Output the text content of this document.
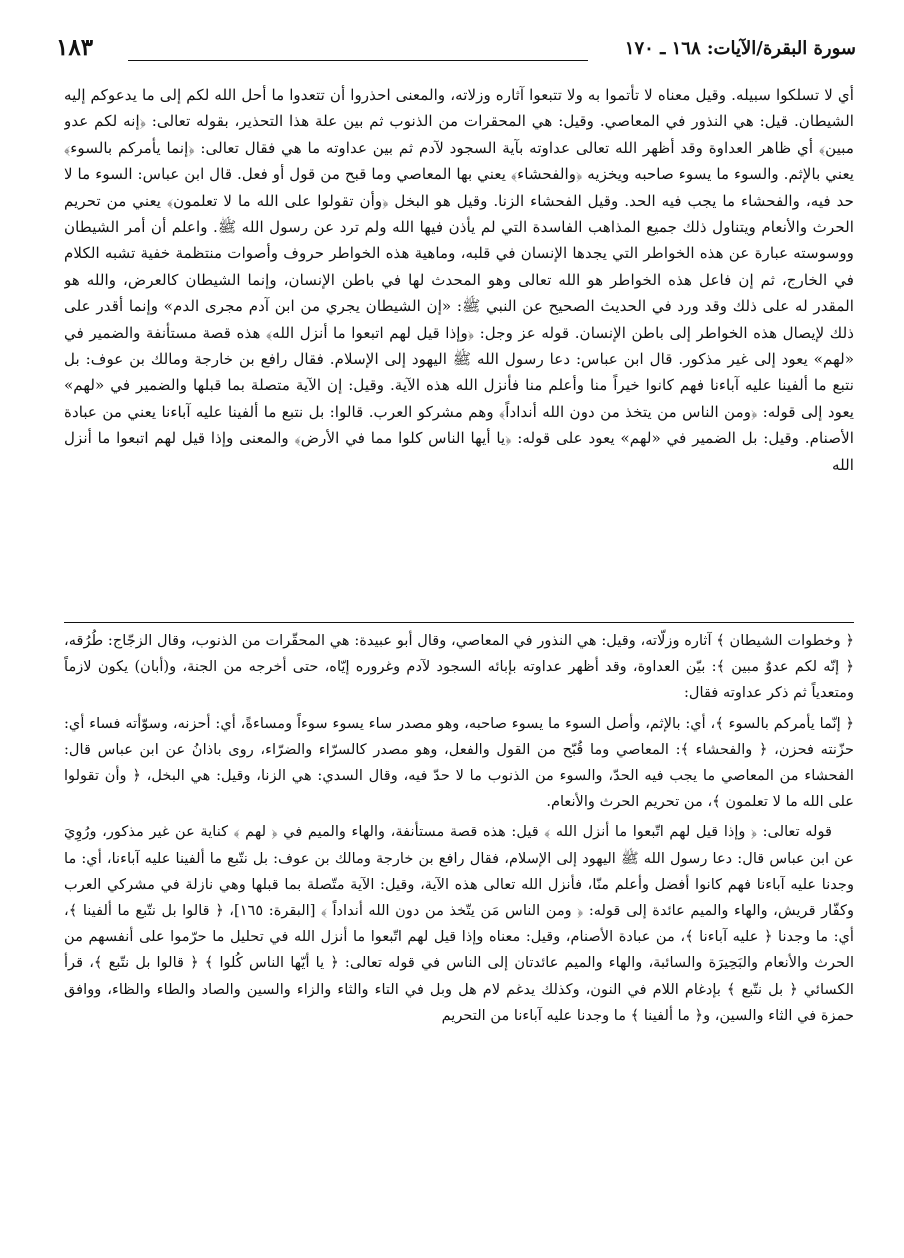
سورة البقرة/الآيات: ١٦٨ ـ ١٧٠
١٨٣

أي لا تسلكوا سبيله. وقيل معناه لا تأتموا به ولا تتبعوا آثاره وزلاته، والمعنى احذروا أن تتعدوا ما أحل الله لكم إلى ما يدعوكم إليه الشيطان. قيل: هي النذور في المعاصي. وقيل: هي المحقرات من الذنوب ثم بين علة هذا التحذير، بقوله تعالى: ﴿إنه لكم عدو مبين﴾ أي ظاهر العداوة وقد أظهر الله تعالى عداوته بآية السجود لآدم ثم بين عداوته ما هي فقال تعالى: ﴿إنما يأمركم بالسوء﴾ يعني بالإثم. والسوء ما يسوء صاحبه ويخزيه ﴿والفحشاء﴾ يعني بها المعاصي وما قبح من قول أو فعل. قال ابن عباس: السوء ما لا حد فيه، والفحشاء ما يجب فيه الحد. وقيل الفحشاء الزنا. وقيل هو البخل ﴿وأن تقولوا على الله ما لا تعلمون﴾ يعني من تحريم الحرث والأنعام ويتناول ذلك جميع المذاهب الفاسدة التي لم يأذن فيها الله ولم ترد عن رسول الله ﷺ. واعلم أن أمر الشيطان ووسوسته عبارة عن هذه الخواطر التي يجدها الإنسان في قلبه، وماهية هذه الخواطر حروف وأصوات منتظمة خفية تشبه الكلام في الخارج، ثم إن فاعل هذه الخواطر هو الله تعالى وهو المحدث لها في باطن الإنسان، وإنما الشيطان كالعرض، والله هو المقدر له على ذلك وقد ورد في الحديث الصحيح عن النبي ﷺ: «إن الشيطان يجري من ابن آدم مجرى الدم» وإنما أقدر على ذلك لإيصال هذه الخواطر إلى باطن الإنسان. قوله عز وجل: ﴿وإذا قيل لهم اتبعوا ما أنزل الله﴾ هذه قصة مستأنفة والضمير في «لهم» يعود إلى غير مذكور. قال ابن عباس: دعا رسول الله ﷺ اليهود إلى الإسلام. فقال رافع بن خارجة ومالك بن عوف: بل نتبع ما ألفينا عليه آباءنا فهم كانوا خيراً منا وأعلم منا فأنزل الله هذه الآية. وقيل: إن الآية متصلة بما قبلها والضمير في «لهم» يعود إلى قوله: ﴿ومن الناس من يتخذ من دون الله أنداداً﴾ وهم مشركو العرب. قالوا: بل نتبع ما ألفينا عليه آباءنا يعني من عبادة الأصنام. وقيل: بل الضمير في «لهم» يعود على قوله: ﴿يا أيها الناس كلوا مما في الأرض﴾ والمعنى وإذا قيل لهم اتبعوا ما أنزل الله

﴿ وخطوات الشيطان ﴾ آثاره وزلّاته، وقيل: هي النذور في المعاصي، وقال أبو عبيدة: هي المحقّرات من الذنوب، وقال الزجّاج: طُرُقه، ﴿ إنّه لكم عدوٌ مبين ﴾: بيّن العداوة، وقد أظهر عداوته بإبائه السجود لآدم وغروره إيّاه، حتى أخرجه من الجنة، و(أبان) يكون لازماً ومتعدياً ثم ذكر عداوته فقال:

﴿ إنّما يأمركم بالسوء ﴾، أي: بالإثم، وأصل السوء ما يسوء صاحبه، وهو مصدر ساء يسوء سوءاً ومساءةً، أي: أحزنه، وسوّأته فساء أي: حزّنته فحزن، ﴿ والفحشاء ﴾: المعاصي وما قُبّح من القول والفعل، وهو مصدر كالسرّاء والضرّاء، روى باذانُ عن ابن عباس قال: الفحشاء من المعاصي ما يجب فيه الحدّ، والسوء من الذنوب ما لا حدّ فيه، وقال السدي: هي الزنا، وقيل: هي البخل، ﴿ وأن تقولوا على الله ما لا تعلمون ﴾، من تحريم الحرث والأنعام.

قوله تعالى: ﴿ وإذا قيل لهم اتّبعوا ما أنزل الله ﴾ قيل: هذه قصة مستأنفة، والهاء والميم في ﴿ لهم ﴾ كناية عن غير مذكور، ورُوِيَ عن ابن عباس قال: دعا رسول الله ﷺ اليهود إلى الإسلام، فقال رافع بن خارجة ومالك بن عوف: بل نتّبع ما ألفينا عليه آباءنا، أي: ما وجدنا عليه آباءنا فهم كانوا أفضل وأعلم منّا، فأنزل الله تعالى هذه الآية، وقيل: الآية متّصلة بما قبلها وهي نازلة في مشركي العرب وكفّار قريش، والهاء والميم عائدة إلى قوله: ﴿ ومن الناس مَن يتّخذ من دون الله أنداداً ﴾ [البقرة: ١٦٥]، ﴿ قالوا بل نتّبع ما ألفينا ﴾، أي: ما وجدنا ﴿ عليه آباءنا ﴾، من عبادة الأصنام، وقيل: معناه وإذا قيل لهم اتّبعوا ما أنزل الله في تحليل ما حرّموا على أنفسهم من الحرث والأنعام والبَحِيرَة والسائبة، والهاء والميم عائدتان إلى الناس في قوله تعالى: ﴿ يا أيّها الناس كُلوا ﴾ ﴿ قالوا بل نتّبع ﴾، قرأ الكسائي ﴿ بل نتّبع ﴾ بإدغام اللام في النون، وكذلك يدغم لام هل وبل في التاء والثاء والزاء والسين والصاد والطاء والظاء، ووافق حمزة في الثاء والسين، و﴿ ما ألفينا ﴾ ما وجدنا عليه آباءنا من التحريم
